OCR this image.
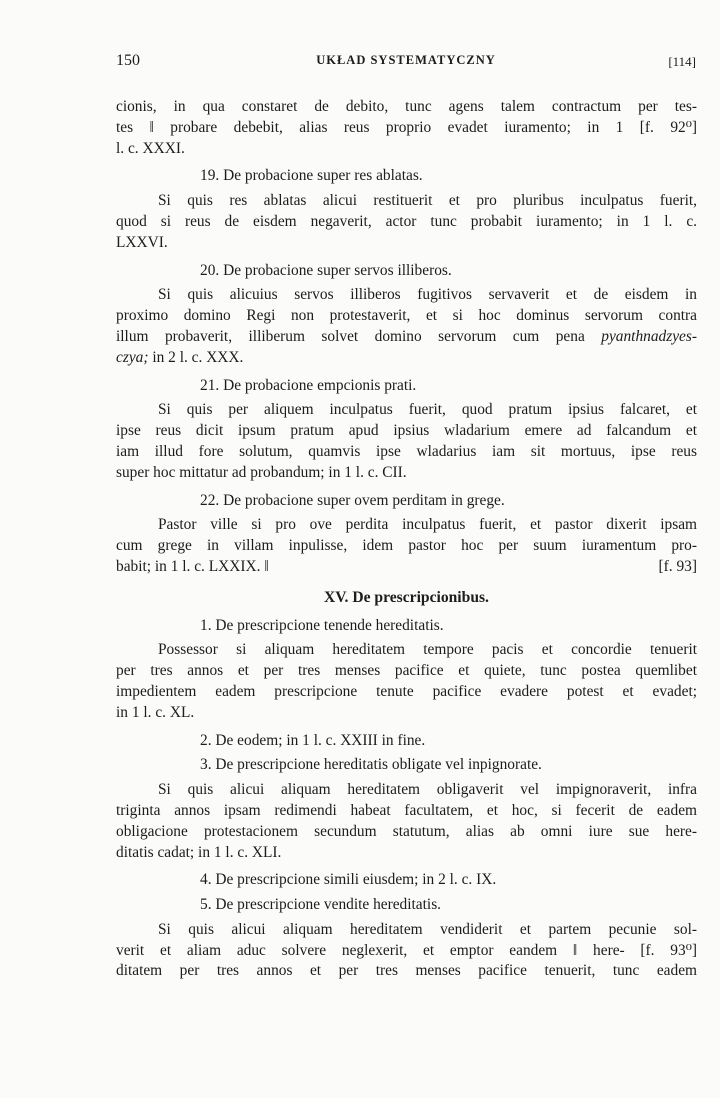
150	UKŁAD SYSTEMATYCZNY	[114]
cionis, in qua constaret de debito, tunc agens talem contractum per tes-
tes ‖ probare debebit, alias reus proprio evadet iuramento; in 1 [f. 92⁰]
l. c. XXXI.
19. De probacione super res ablatas.
Si quis res ablatas alicui restituerit et pro pluribus inculpatus fuerit,
quod si reus de eisdem negaverit, actor tunc probabit iuramento; in 1 l. c.
LXXVI.
20. De probacione super servos illiberos.
Si quis alicuius servos illiberos fugitivos servaverit et de eisdem in
proximo domino Regi non protestaverit, et si hoc dominus servorum contra
illum probaverit, illiberum solvet domino servorum cum pena pyanthnadzyes-
czya; in 2 l. c. XXX.
21. De probacione empcionis prati.
Si quis per aliquem inculpatus fuerit, quod pratum ipsius falcaret, et
ipse reus dicit ipsum pratum apud ipsius wladarium emere ad falcandum et
iam illud fore solutum, quamvis ipse wladarius iam sit mortuus, ipse reus
super hoc mittatur ad probandum; in 1 l. c. CII.
22. De probacione super ovem perditam in grege.
Pastor ville si pro ove perdita inculpatus fuerit, et pastor dixerit ipsam
cum grege in villam inpulisse, idem pastor hoc per suum iuramentum pro-
babit; in 1 l. c. LXXIX. ‖	[f. 93]
XV. De prescripcionibus.
1. De prescripcione tenende hereditatis.
Possessor si aliquam hereditatem tempore pacis et concordie tenuerit
per tres annos et per tres menses pacifice et quiete, tunc postea quemlibet
impedientem eadem prescripcione tenute pacifice evadere potest et evadet;
in 1 l. c. XL.
2. De eodem; in 1 l. c. XXIII in fine.
3. De prescripcione hereditatis obligate vel inpignorate.
Si quis alicui aliquam hereditatem obligaverit vel impignoraverit, infra
triginta annos ipsam redimendi habeat facultatem, et hoc, si fecerit de eadem
obligacione protestacionem secundum statutum, alias ab omni iure sue here-
ditatis cadat; in 1 l. c. XLI.
4. De prescripcione simili eiusdem; in 2 l. c. IX.
5. De prescripcione vendite hereditatis.
Si quis alicui aliquam hereditatem vendiderit et partem pecunie sol-
verit et aliam aduc solvere neglexerit, et emptor eandem ‖ here- [f. 93⁰]
ditatem per tres annos et per tres menses pacifice tenuerit, tunc eadem
